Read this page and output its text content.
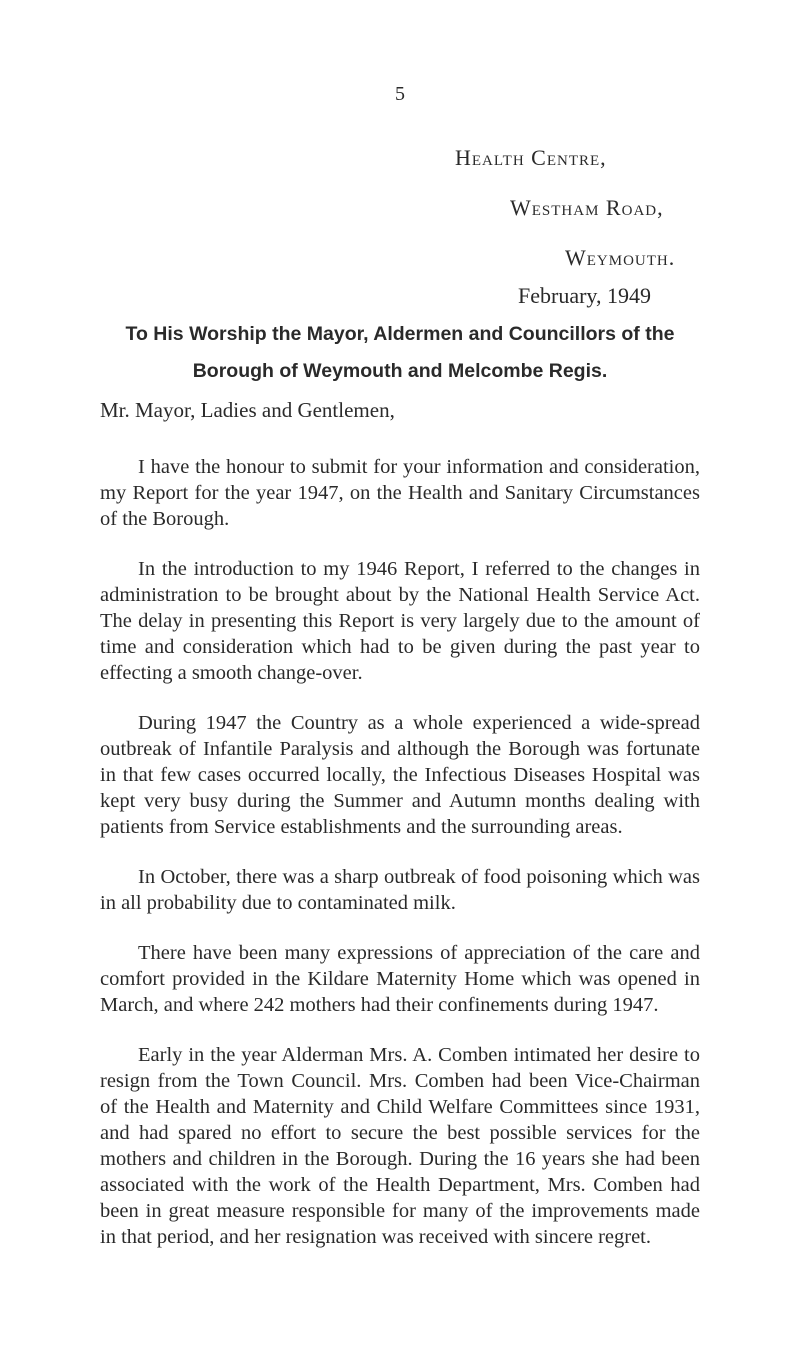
5
Health Centre,
Westham Road,
Weymouth.
February, 1949
To His Worship the Mayor, Aldermen and Councillors of the Borough of Weymouth and Melcombe Regis.
Mr. Mayor, Ladies and Gentlemen,

I have the honour to submit for your information and consideration, my Report for the year 1947, on the Health and Sanitary Circumstances of the Borough.

In the introduction to my 1946 Report, I referred to the changes in administration to be brought about by the National Health Service Act. The delay in presenting this Report is very largely due to the amount of time and consideration which had to be given during the past year to effecting a smooth change-over.

During 1947 the Country as a whole experienced a wide-spread outbreak of Infantile Paralysis and although the Borough was fortunate in that few cases occurred locally, the Infectious Diseases Hospital was kept very busy during the Summer and Autumn months dealing with patients from Service establishments and the surrounding areas.

In October, there was a sharp outbreak of food poisoning which was in all probability due to contaminated milk.

There have been many expressions of appreciation of the care and comfort provided in the Kildare Maternity Home which was opened in March, and where 242 mothers had their confinements during 1947.

Early in the year Alderman Mrs. A. Comben intimated her desire to resign from the Town Council. Mrs. Comben had been Vice-Chairman of the Health and Maternity and Child Welfare Committees since 1931, and had spared no effort to secure the best possible services for the mothers and children in the Borough. During the 16 years she had been associated with the work of the Health Department, Mrs. Comben had been in great measure responsible for many of the improvements made in that period, and her resignation was received with sincere regret.
